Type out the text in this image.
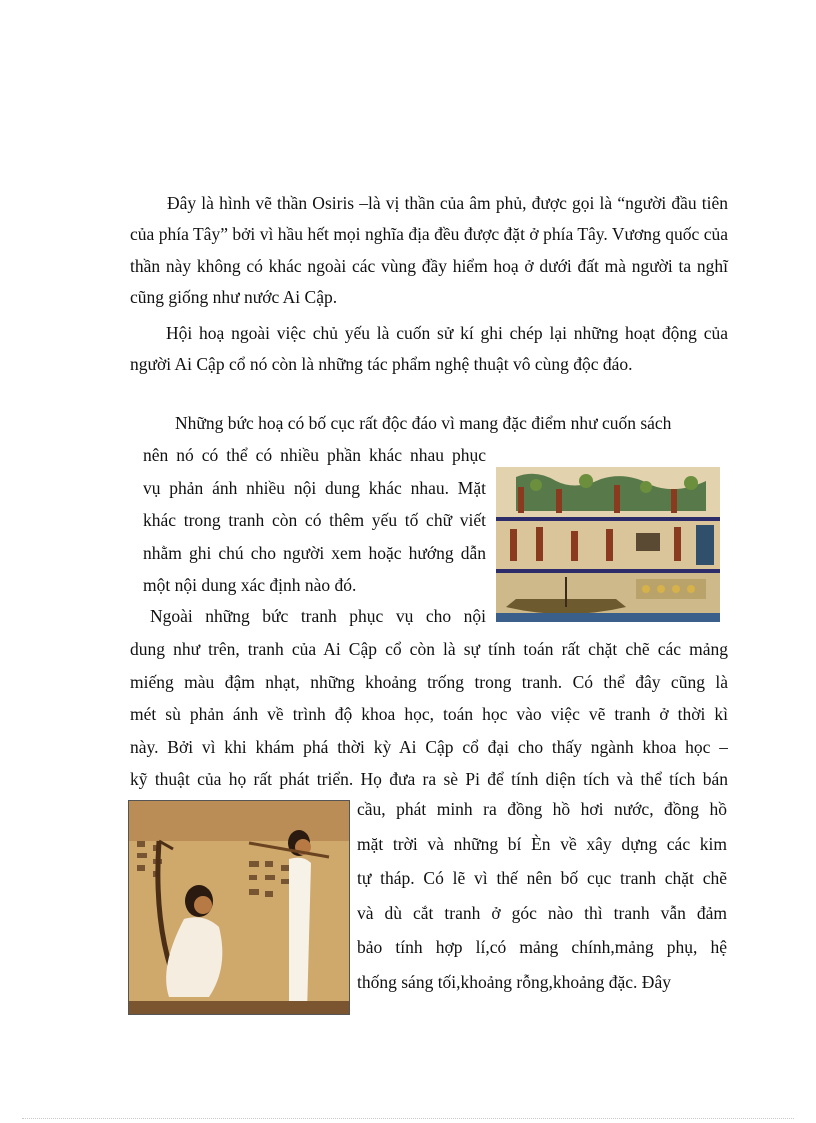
Đây là hình vẽ thần Osiris –là vị thần của âm phủ, được gọi là “người đầu tiên của phía Tây” bởi vì hầu hết mọi nghĩa địa đều được đặt ở phía Tây. Vương quốc của thần này không có khác ngoài các vùng đầy hiểm hoạ ở dưới đất mà người ta nghĩ cũng giống như nước Ai Cập.

Hội hoạ ngoài việc chủ yếu là cuốn sử kí ghi chép lại những hoạt động của người Ai Cập cổ nó còn là những tác phẩm nghệ thuật vô cùng độc đáo.

Những bức hoạ có bố cục rất độc đáo vì mang đặc điểm như cuốn sách
nên nó có thể có nhiều phần khác nhau phục
vụ phản ánh nhiều nội dung khác nhau. Mặt
khác trong tranh còn có thêm yếu tố chữ viết
nhằm ghi chú cho người xem hoặc hướng dẫn
một nội dung xác định nào đó.
Ngoài những bức tranh phục vụ cho nội
dung như trên, tranh của Ai Cập cổ còn là sự tính toán rất chặt chẽ các mảng
miếng màu đậm nhạt, những khoảng trống trong tranh. Có thể đây cũng là
mét sù phản ánh về trình độ khoa học, toán học vào việc vẽ tranh ở thời kì
này. Bởi vì khi khám phá thời kỳ Ai Cập cổ đại cho thấy ngành khoa học –
kỹ thuật của họ rất phát triển. Họ đưa ra sè Pi để tính diện tích và thể tích bán
cầu, phát minh ra đồng hồ hơi nước, đồng hồ
mặt trời và những bí Èn về xây dựng các kim
tự tháp. Có lẽ vì thế nên bố cục tranh chặt chẽ
và dù cắt tranh ở góc nào thì tranh vẫn đảm
bảo tính hợp lí,có mảng chính,mảng phụ, hệ
thống sáng tối,khoảng rỗng,khoảng đặc. Đây
